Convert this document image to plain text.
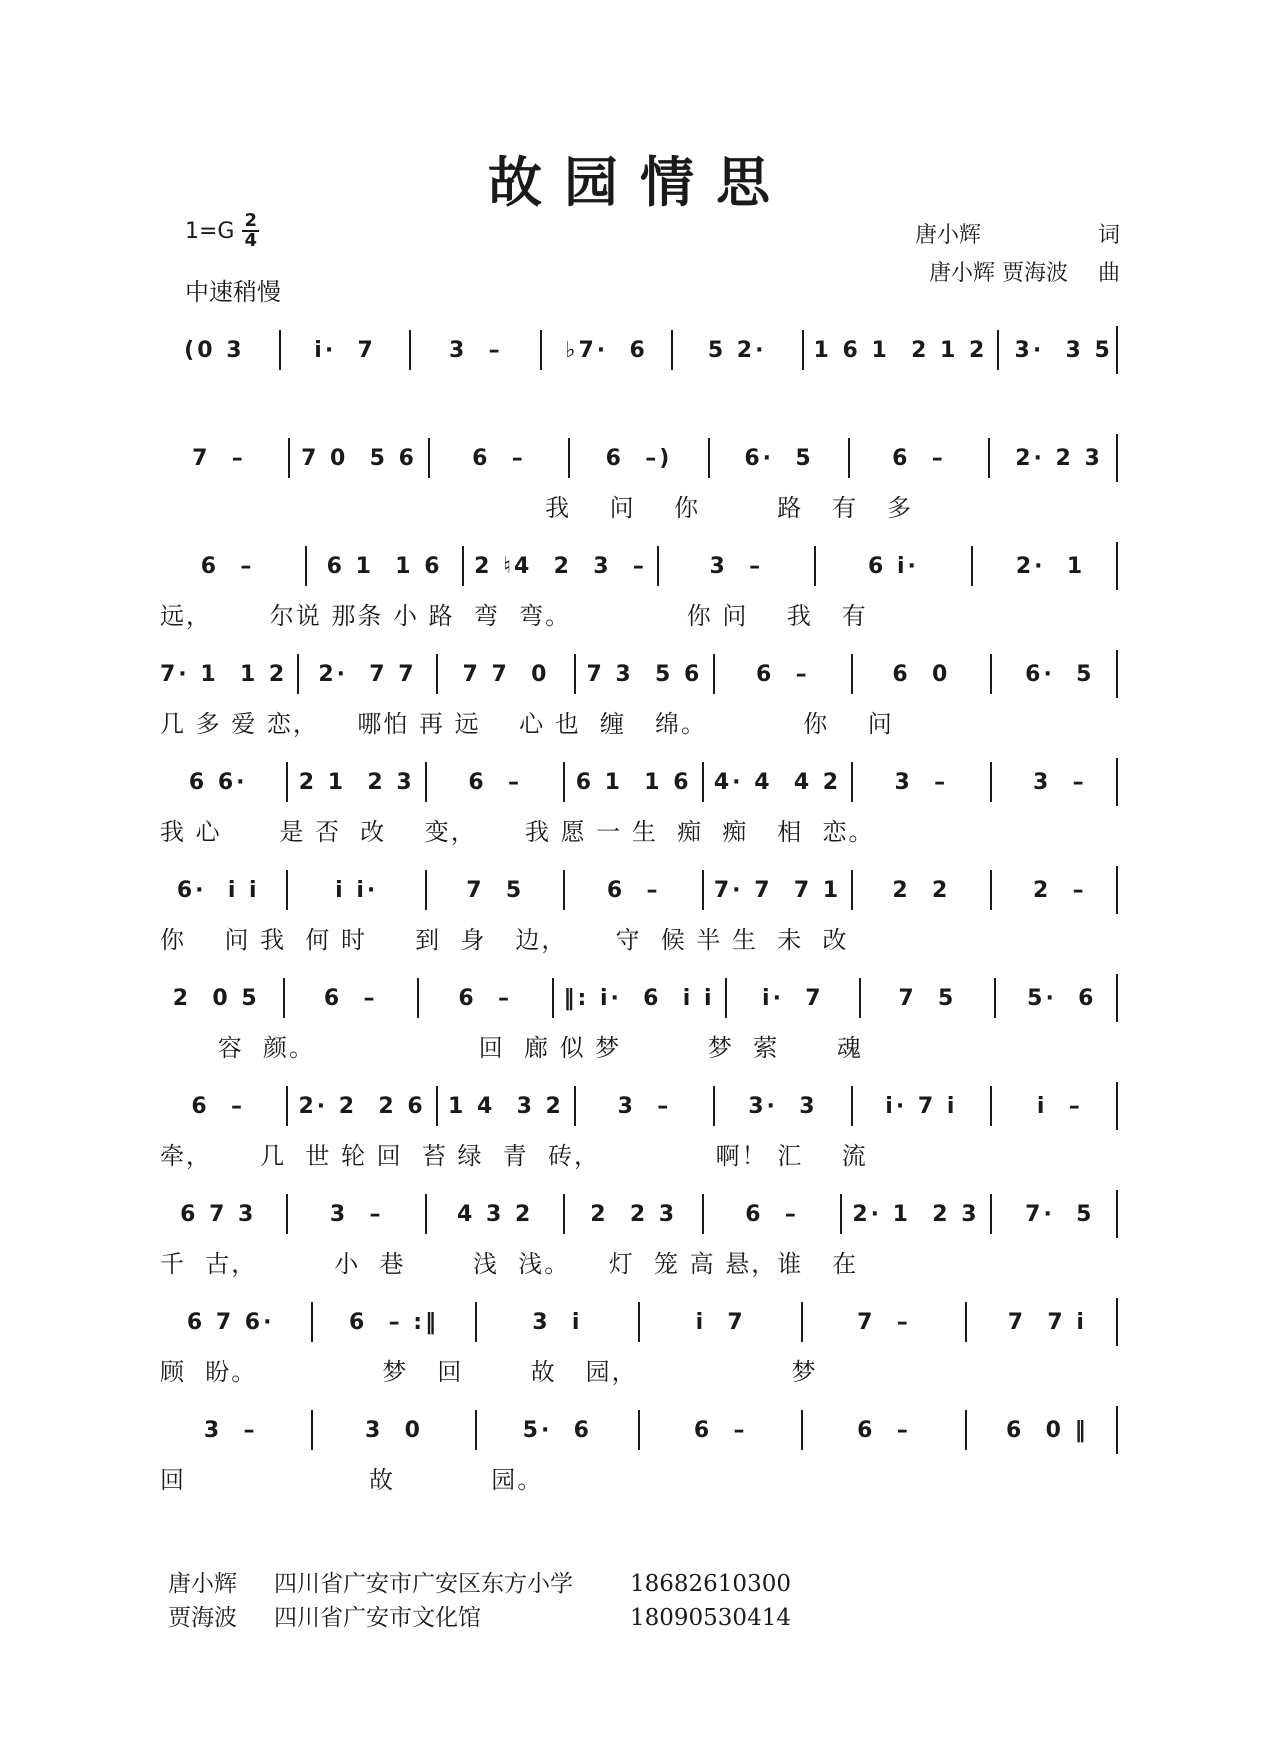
故园情思
$1=G \frac{2}{4}$
中速稍慢
唐小辉	词
唐小辉 贾海波 曲
(0 3	i·  7	3  –	♭7·  6	5 2·	1 6 1  2 1 2 3·  3 5
7  –	7 0  5 6	6  –	6  –)	6·  5	6  –	2· 2 3
我    问    你        路   有   多
6  –	6 1  1 6	2 ♮4  2  3  –	3  –	6 i·	2·  1
远，      尔说 那条 小 路  弯  弯。            你 问    我   有
7· 1  1 2	2·  7 7	7 7  0	7 3  5 6	6  –	6  0	6·  5
几 多 爱 恋，    哪怕 再 远    心 也  缠   绵。          你    问
6 6·	2 1  2 3	6  –	6 1  1 6 4· 4  4 2	3  –	3  –
我 心      是 否  改    变，     我 愿 一 生  痴  痴   相  恋。
6·  i i	i i·	7  5	6  –	7· 7  7 1	2  2	2  –
你    问 我  何 时     到  身   边，     守  候 半 生  未  改
2  0 5	6  –	6  –	‖: i·  6  i i	i·  7	7  5	5·  6
容  颜。                 回  廊 似 梦         梦  萦      魂
6  –	2· 2  2 6 1 4  3 2	3  –	3·  3	i· 7 i	i  –
牵，     几  世 轮 回  苔 绿  青  砖，            啊！ 汇    流
6 7 3	3  –	4 3 2	2  2 3	6  –	2· 1  2 3	7·  5
千  古，        小  巷       浅  浅。    灯  笼 高 悬，谁   在
6 7 6·	6  – :‖	3  i	i  7	7  –	7  7 i
顾  盼。             梦   回       故   园，                梦
3  –	3  0	5·  6	6  –	6  –	6  0 ‖
回                   故          园。
唐小辉	四川省广安市广安区东方小学	18682610300
贾海波	四川省广安市文化馆	18090530414
